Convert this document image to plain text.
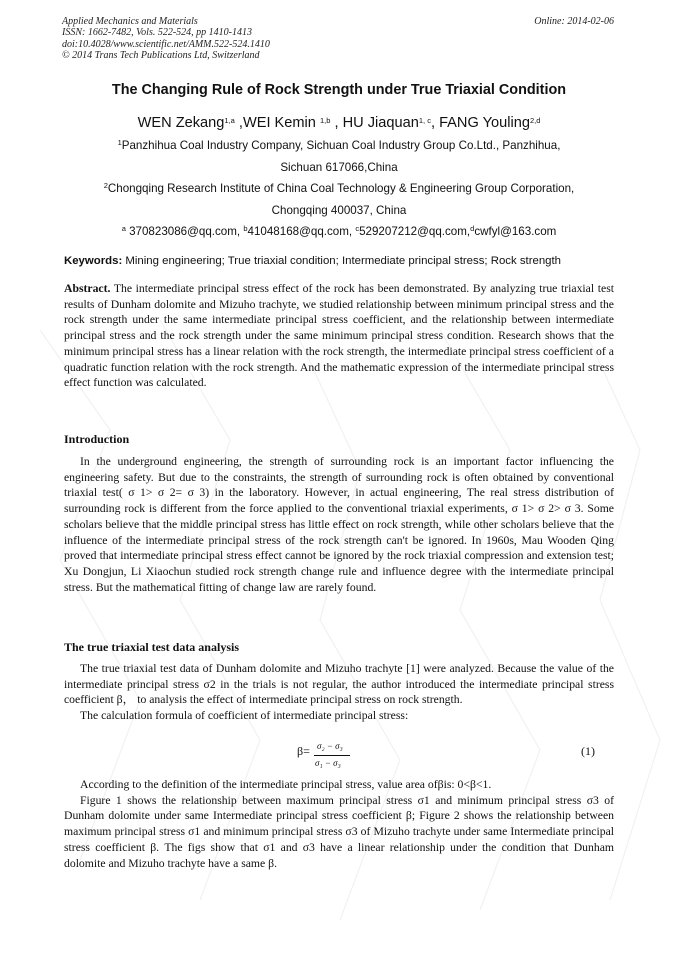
Applied Mechanics and Materials
ISSN: 1662-7482, Vols. 522-524, pp 1410-1413
doi:10.4028/www.scientific.net/AMM.522-524.1410
© 2014 Trans Tech Publications Ltd, Switzerland
Online: 2014-02-06
The Changing Rule of Rock Strength under True Triaxial Condition
WEN Zekang$^{1,a}$ ,WEI Kemin $^{1,b}$ , HU Jiaquan$^{1, c}$, FANG Youling$^{2,d}$
$^1$Panzhihua Coal Industry Company, Sichuan Coal Industry Group Co.Ltd., Panzhihua,
Sichuan 617066,China
$^2$Chongqing Research Institute of China Coal Technology & Engineering Group Corporation,
Chongqing 400037, China
$^a$ 370823086@qq.com, $^b$41048168@qq.com, $^c$529207212@qq.com,$^d$cwfyl@163.com
Keywords: Mining engineering; True triaxial condition; Intermediate principal stress; Rock strength

Abstract. The intermediate principal stress effect of the rock has been demonstrated. By analyzing true triaxial test results of Dunham dolomite and Mizuho trachyte, we studied relationship between minimum principal stress and the rock strength under the same intermediate principal stress coefficient, and the relationship between intermediate principal stress and the rock strength under the same minimum principal stress condition. Research shows that the minimum principal stress has a linear relation with the rock strength, the intermediate principal stress coefficient of a quadratic function relation with the rock strength. And the mathematic expression of the intermediate principal stress effect function was calculated.

Introduction

In the underground engineering, the strength of surrounding rock is an important factor influencing the engineering safety. But due to the constraints, the strength of surrounding rock is often obtained by conventional triaxial test( σ 1> σ 2= σ 3) in the laboratory. However, in actual engineering, The real stress distribution of surrounding rock is different from the force applied to the conventional triaxial experiments, σ 1> σ 2> σ 3. Some scholars believe that the middle principal stress has little effect on rock strength, while other scholars believe that the influence of the intermediate principal stress of the rock strength can't be ignored. In 1960s, Mau Wooden Qing proved that intermediate principal stress effect cannot be ignored by the rock triaxial compression and extension test; Xu Dongjun, Li Xiaochun studied rock strength change rule and influence degree with the intermediate principal stress. But the mathematical fitting of change law are rarely found.

The true triaxial test data analysis

The true triaxial test data of Dunham dolomite and Mizuho trachyte [1] were analyzed. Because the value of the intermediate principal stress σ2 in the trials is not regular, the author introduced the intermediate principal stress coefficient β， to analysis the effect of intermediate principal stress on rock strength.

The calculation formula of coefficient of intermediate principal stress:

β= σ₂ − σ₃
σ₁ − σ₃
(1)

According to the definition of the intermediate principal stress, value area ofβis: 0<β<1.

Figure 1 shows the relationship between maximum principal stress σ1 and minimum principal stress σ3 of Dunham dolomite under same Intermediate principal stress coefficient β; Figure 2 shows the relationship between maximum principal stress σ1 and minimum principal stress σ3 of Mizuho trachyte under same Intermediate principal stress coefficient β. The figs show that σ1 and σ3 have a linear relationship under the condition that Dunham dolomite and Mizuho trachyte have a same β.
